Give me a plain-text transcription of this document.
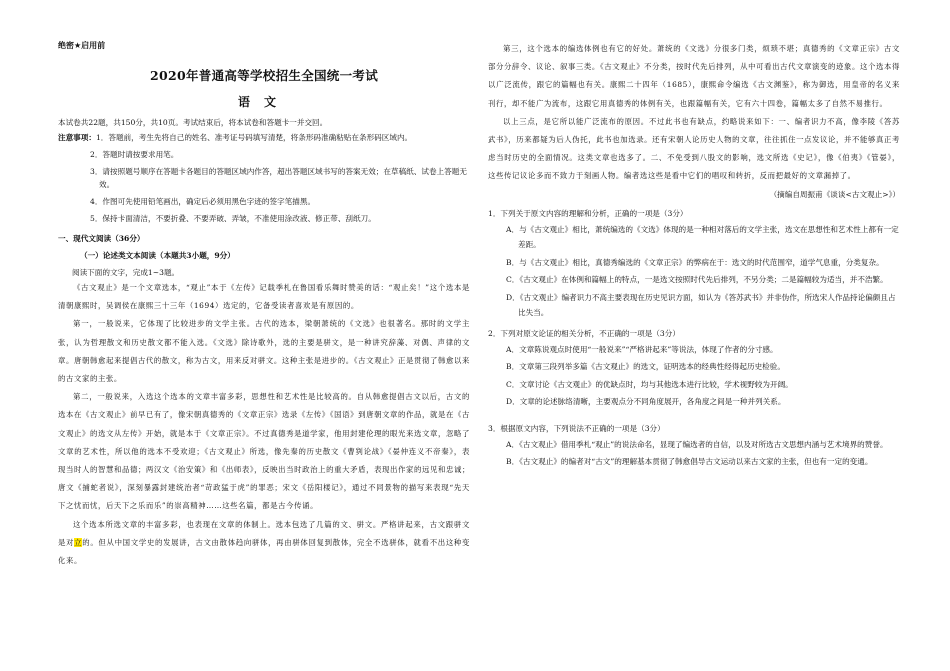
绝密★启用前
2020年普通高等学校招生全国统一考试
语文
本试卷共22题，共150分，共10页。考试结束后，将本试卷和答题卡一并交回。
注意事项：1．答题前，考生先将自己的姓名、准考证号码填写清楚，将条形码准确粘贴在条形码区域内。
2．答题时请按要求用笔。
3．请按照题号顺序在答题卡各题目的答题区域内作答，超出答题区域书写的答案无效；在草稿纸、试卷上答题无效。
4．作图可先使用铅笔画出，确定后必须用黑色字迹的签字笔描黑。
5．保持卡面清洁，不要折叠、不要弄破、弄皱，不准使用涂改液、修正带、刮纸刀。
一、现代文阅读（36分）
（一）论述类文本阅读（本题共3小题，9分）
阅读下面的文字，完成1~3题。

《古文观止》是一个文章选本，“观止”本于《左传》记载季札在鲁国看乐舞时赞美的话：“观止矣！”这个选本是清朝康熙时，吴调侯在康熙三十三年（1694）选定的，它备受读者喜欢是有原因的。

第一，一般说来，它体现了比较进步的文学主张。古代的选本，梁朝萧统的《文选》也很著名。那时的文学主张，认为哲理散文和历史散文都不能入选。《文选》除诗歌外，选的主要是骈文，是一种讲究辞藻、对偶、声律的文章。唐朝韩愈起来提倡古代的散文，称为古文，用来反对骈文。这种主张是进步的。《古文观止》正是贯彻了韩愈以来的古文家的主张。

第二，一般说来，入选这个选本的文章丰富多彩，思想性和艺术性是比较高的。自从韩愈提倡古文以后，古文的选本在《古文观止》前早已有了，像宋朝真德秀的《文章正宗》选录《左传》《国语》到唐朝文章的作品，就是在《古文观止》的选文从左传》开始，就是本于《文章正宗》。不过真德秀是道学家，他用封建伦理的眼光来选文章，忽略了文章的艺术性，所以他的选本不受欢迎；《古文观止》所选，像先秦的历史散文《曹刿论战》《晏仲连义不帝秦》，表现当时人的智慧和品德；两汉文《治安策》和《出师表》，反映出当时政治上的重大矛盾，表现出作家的远见和忠诚；唐文《捕蛇者说》，深刻暴露封建统治者“苛政猛于虎”的罪恶；宋文《岳阳楼记》，通过不同景物的描写来表现“先天下之忧而忧，后天下之乐而乐”的崇高精神……这些名篇，都是古今传诵。

这个选本所选文章的丰富多彩，也表现在文章的体制上。选本包选了几篇的文、骈文。严格讲起来，古文跟骈文是对立的。但从中国文学史的发展讲，古文由散体趋向骈体，再由骈体回复到散体，完全不选骈体，就看不出这种变化来。

第三，这个选本的编选体例也有它的好处。萧统的《文选》分很多门类，烦琐不堪；真德秀的《文章正宗》古文部分分辞令、议论、叙事三类。《古文观止》不分类，按时代先后排列，从中可看出古代文章演变的迹象。这个选本得以广泛流传，跟它的篇幅也有关。康熙二十四年（1685），康熙命令编选《古文渊鉴》，称为御选，用皇帝的名义来刊行，却不能广为流布，这跟它用真德秀的体例有关，也跟篇幅有关，它有六十四卷，篇幅太多了自然不易推行。

以上三点，是它所以能广泛流布的原因。不过此书也有缺点，约略说来如下：一、编者识力不高，像李陵《答苏武书》，历来都疑为后人伪托，此书也加选录。还有宋朝人论历史人物的文章，往往抓住一点发议论，并不能够真正考虑当时历史的全面情况。这类文章也选多了。二、不免受到八股文的影响，选文所选《史记》，像《伯夷》《管晏》，这些传记议论多而不致力于刻画人物。编者选这些是看中它们的唱叹和转折，反而把最好的文章漏掉了。

（摘编自周振甫《谈谈<古文观止>》）
1．下列关于原文内容的理解和分析，正确的一项是（3分）
A．与《古文观止》相比，萧统编选的《文选》体现的是一种相对落后的文学主张，选文在思想性和艺术性上都有一定差距。
B．与《古文观止》相比，真德秀编选的《文章正宗》的弊病在于：选文的时代范围窄，道学气息重，分类复杂。
C．《古文观止》在体例和篇幅上的特点，一是选文按照时代先后排列，不另分类；二是篇幅较为适当，并不浩繁。
D．《古文观止》编者识力不高主要表现在历史见识方面，如认为《答苏武书》并非伪作，所选宋人作品持论偏颇且占比失当。
2．下列对原文论证的相关分析，不正确的一项是（3分）
A．文章陈说观点时使用“一般说来”“严格讲起来”等说法，体现了作者的分寸感。
B．文章第三段列举多篇《古文观止》的选文，证明选本的经典性经得起历史检验。
C．文章讨论《古文观止》的优缺点时，均与其他选本进行比较，学术视野较为开阔。
D．文章的论述脉络清晰，主要观点分不同角度展开，各角度之间是一种并列关系。
3．根据原文内容，下列说法不正确的一项是（3分）
A．《古文观止》借用季札“观止”的说法命名，显现了编选者的自信，以及对所选古文思想内涵与艺术境界的赞誉。
B．《古文观止》的编者对“古文”的理解基本贯彻了韩愈倡导古文运动以来古文家的主张，但也有一定的变通。
